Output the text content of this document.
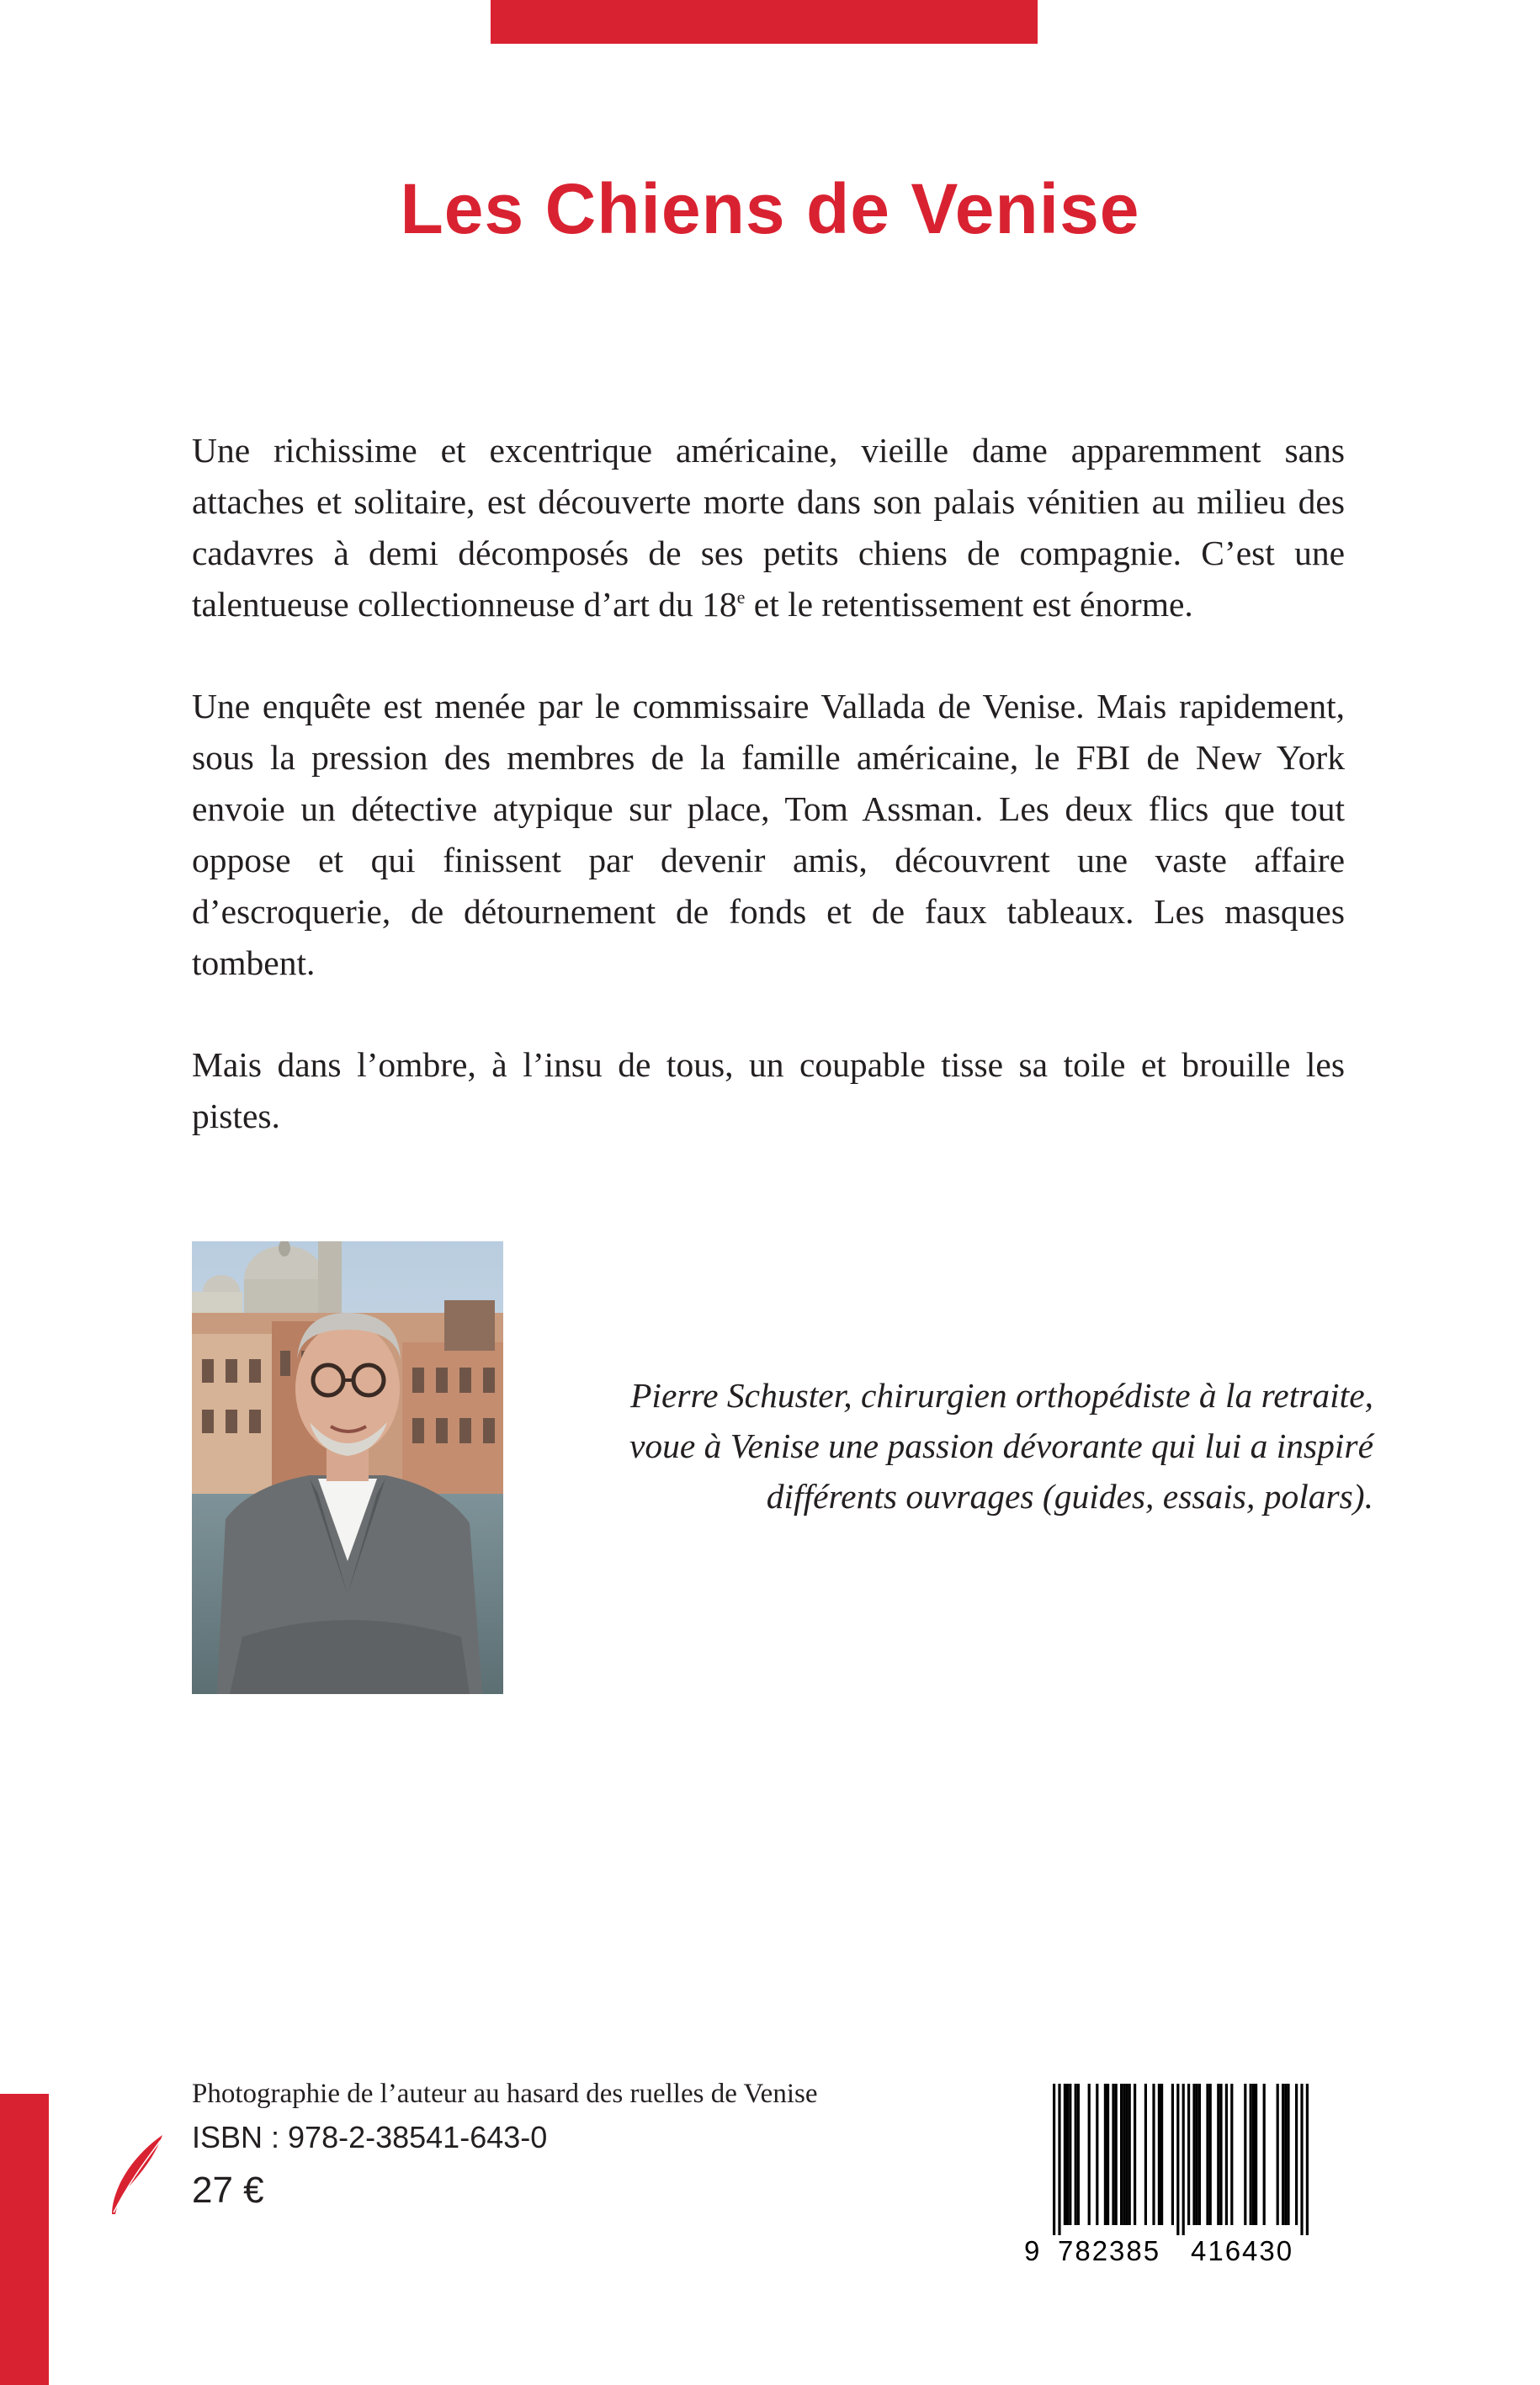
Les Chiens de Venise

Une richissime et excentrique américaine, vieille dame apparemment sans attaches et solitaire, est découverte morte dans son palais vénitien au milieu des cadavres à demi décomposés de ses petits chiens de compagnie. C’est une talentueuse collectionneuse d’art du 18e et le retentissement est énorme.

Une enquête est menée par le commissaire Vallada de Venise. Mais rapidement, sous la pression des membres de la famille américaine, le FBI de New York envoie un détective atypique sur place, Tom Assman. Les deux flics que tout oppose et qui finissent par devenir amis, découvrent une vaste affaire d’escroquerie, de détournement de fonds et de faux tableaux. Les masques tombent.

Mais dans l’ombre, à l’insu de tous, un coupable tisse sa toile et brouille les pistes.

Pierre Schuster, chirurgien orthopédiste à la retraite,
voue à Venise une passion dévorante qui lui a inspiré
différents ouvrages (guides, essais, polars).
Photographie de l’auteur au hasard des ruelles de Venise
ISBN : 978-2-38541-643-0
27 €
9 782385 416430
